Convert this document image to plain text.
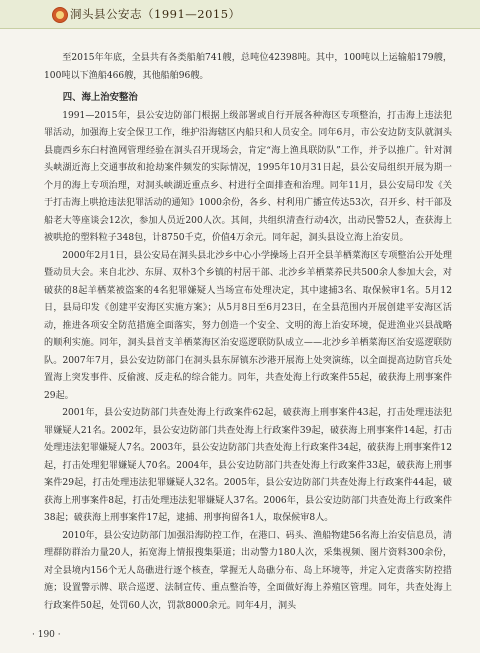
洞头县公安志（1991—2015）

至2015年年底，全县共有各类船舶741艘，总吨位42398吨。其中，100吨以上运输船179艘，100吨以下渔船466艘，其他船舶96艘。

四、海上治安整治

1991—2015年，县公安边防部门根据上级部署或自行开展各种海区专项整治，打击海上违法犯罪活动，加强海上安全保卫工作，维护沿海辖区内船只和人员安全。同年6月，市公安边防支队就洞头县鹿西乡东臼村渔网管理经验在洞头召开现场会，肯定“海上渔具联防队”工作，并予以推广。针对洞头峡湖近海上交通事故和抢劫案件频发的实际情况，1995年10月31日起，县公安局组织开展为期一个月的海上专项治理，对洞头峡湖近重点乡、村进行全面排查和治理。同年11月，县公安局印发《关于打击海上哄抢违法犯罪活动的通知》1000余份，各乡、村利用广播宣传达53次，召开乡、村干部及船老大等座谈会12次，参加人员近200人次。其间，共组织清查行动4次，出动民警52人，查获海上被哄抢的塑料粒子348包，计8750千克，价值4万余元。同年起，洞头县设立海上治安员。

2000年2月1日，县公安局在洞头县北沙乡中心小学操场上召开全县羊栖菜海区专项整治公开处理暨动员大会。来自北沙、东屏、双朴3个乡镇的村居干部、北沙乡羊栖菜养民共500余人参加大会，对破获的8起羊栖菜被盗案的4名犯罪嫌疑人当场宣布处理决定，其中逮捕3名、取保候审1名。5月12日，县局印发《创建平安海区实施方案》；从5月8日至6月23日，在全县范围内开展创建平安海区活动，推进各项安全防范措施全面落实，努力创造一个安全、文明的海上治安环境，促进渔业兴县战略的顺利实施。同年，洞头县首支羊栖菜海区治安巡逻联防队成立——北沙乡羊栖菜海区治安巡逻联防队。2007年7月，县公安边防部门在洞头县东屏镇东沙港开展海上处突演练，以全面提高边防官兵处置海上突发事件、反偷渡、反走私的综合能力。同年，共查处海上行政案件55起，破获海上刑事案件29起。

2001年，县公安边防部门共查处海上行政案件62起，破获海上刑事案件43起，打击处理违法犯罪嫌疑人21名。2002年，县公安边防部门共查处海上行政案件39起，破获海上刑事案件14起，打击处理违法犯罪嫌疑人7名。2003年，县公安边防部门共查处海上行政案件34起，破获海上刑事案件12起，打击处理犯罪嫌疑人70名。2004年，县公安边防部门共查处海上行政案件33起，破获海上刑事案件29起，打击处理违法犯罪嫌疑人32名。2005年，县公安边防部门共查处海上行政案件44起，破获海上刑事案件8起，打击处理违法犯罪嫌疑人37名。2006年，县公安边防部门共查处海上行政案件38起；破获海上刑事案件17起，逮捕、刑事拘留各1人，取保候审8人。

2010年，县公安边防部门加强沿海防控工作，在港口、码头、渔船物建56名海上治安信息员，清理群防群治力量20人，拓宽海上情报搜集渠道；出动警力180人次，采集视频、图片资料300余份，对全县境内156个无人岛礁进行逐个核查，掌握无人岛礁分布、岛上环境等，并定入定责落实防控措施；设置警示牌、联合巡逻、法制宣传、重点整治等，全面做好海上养殖区管理。同年，共查处海上行政案件50起，处罚60人次，罚款8000余元。同年4月，洞头

· 190 ·
